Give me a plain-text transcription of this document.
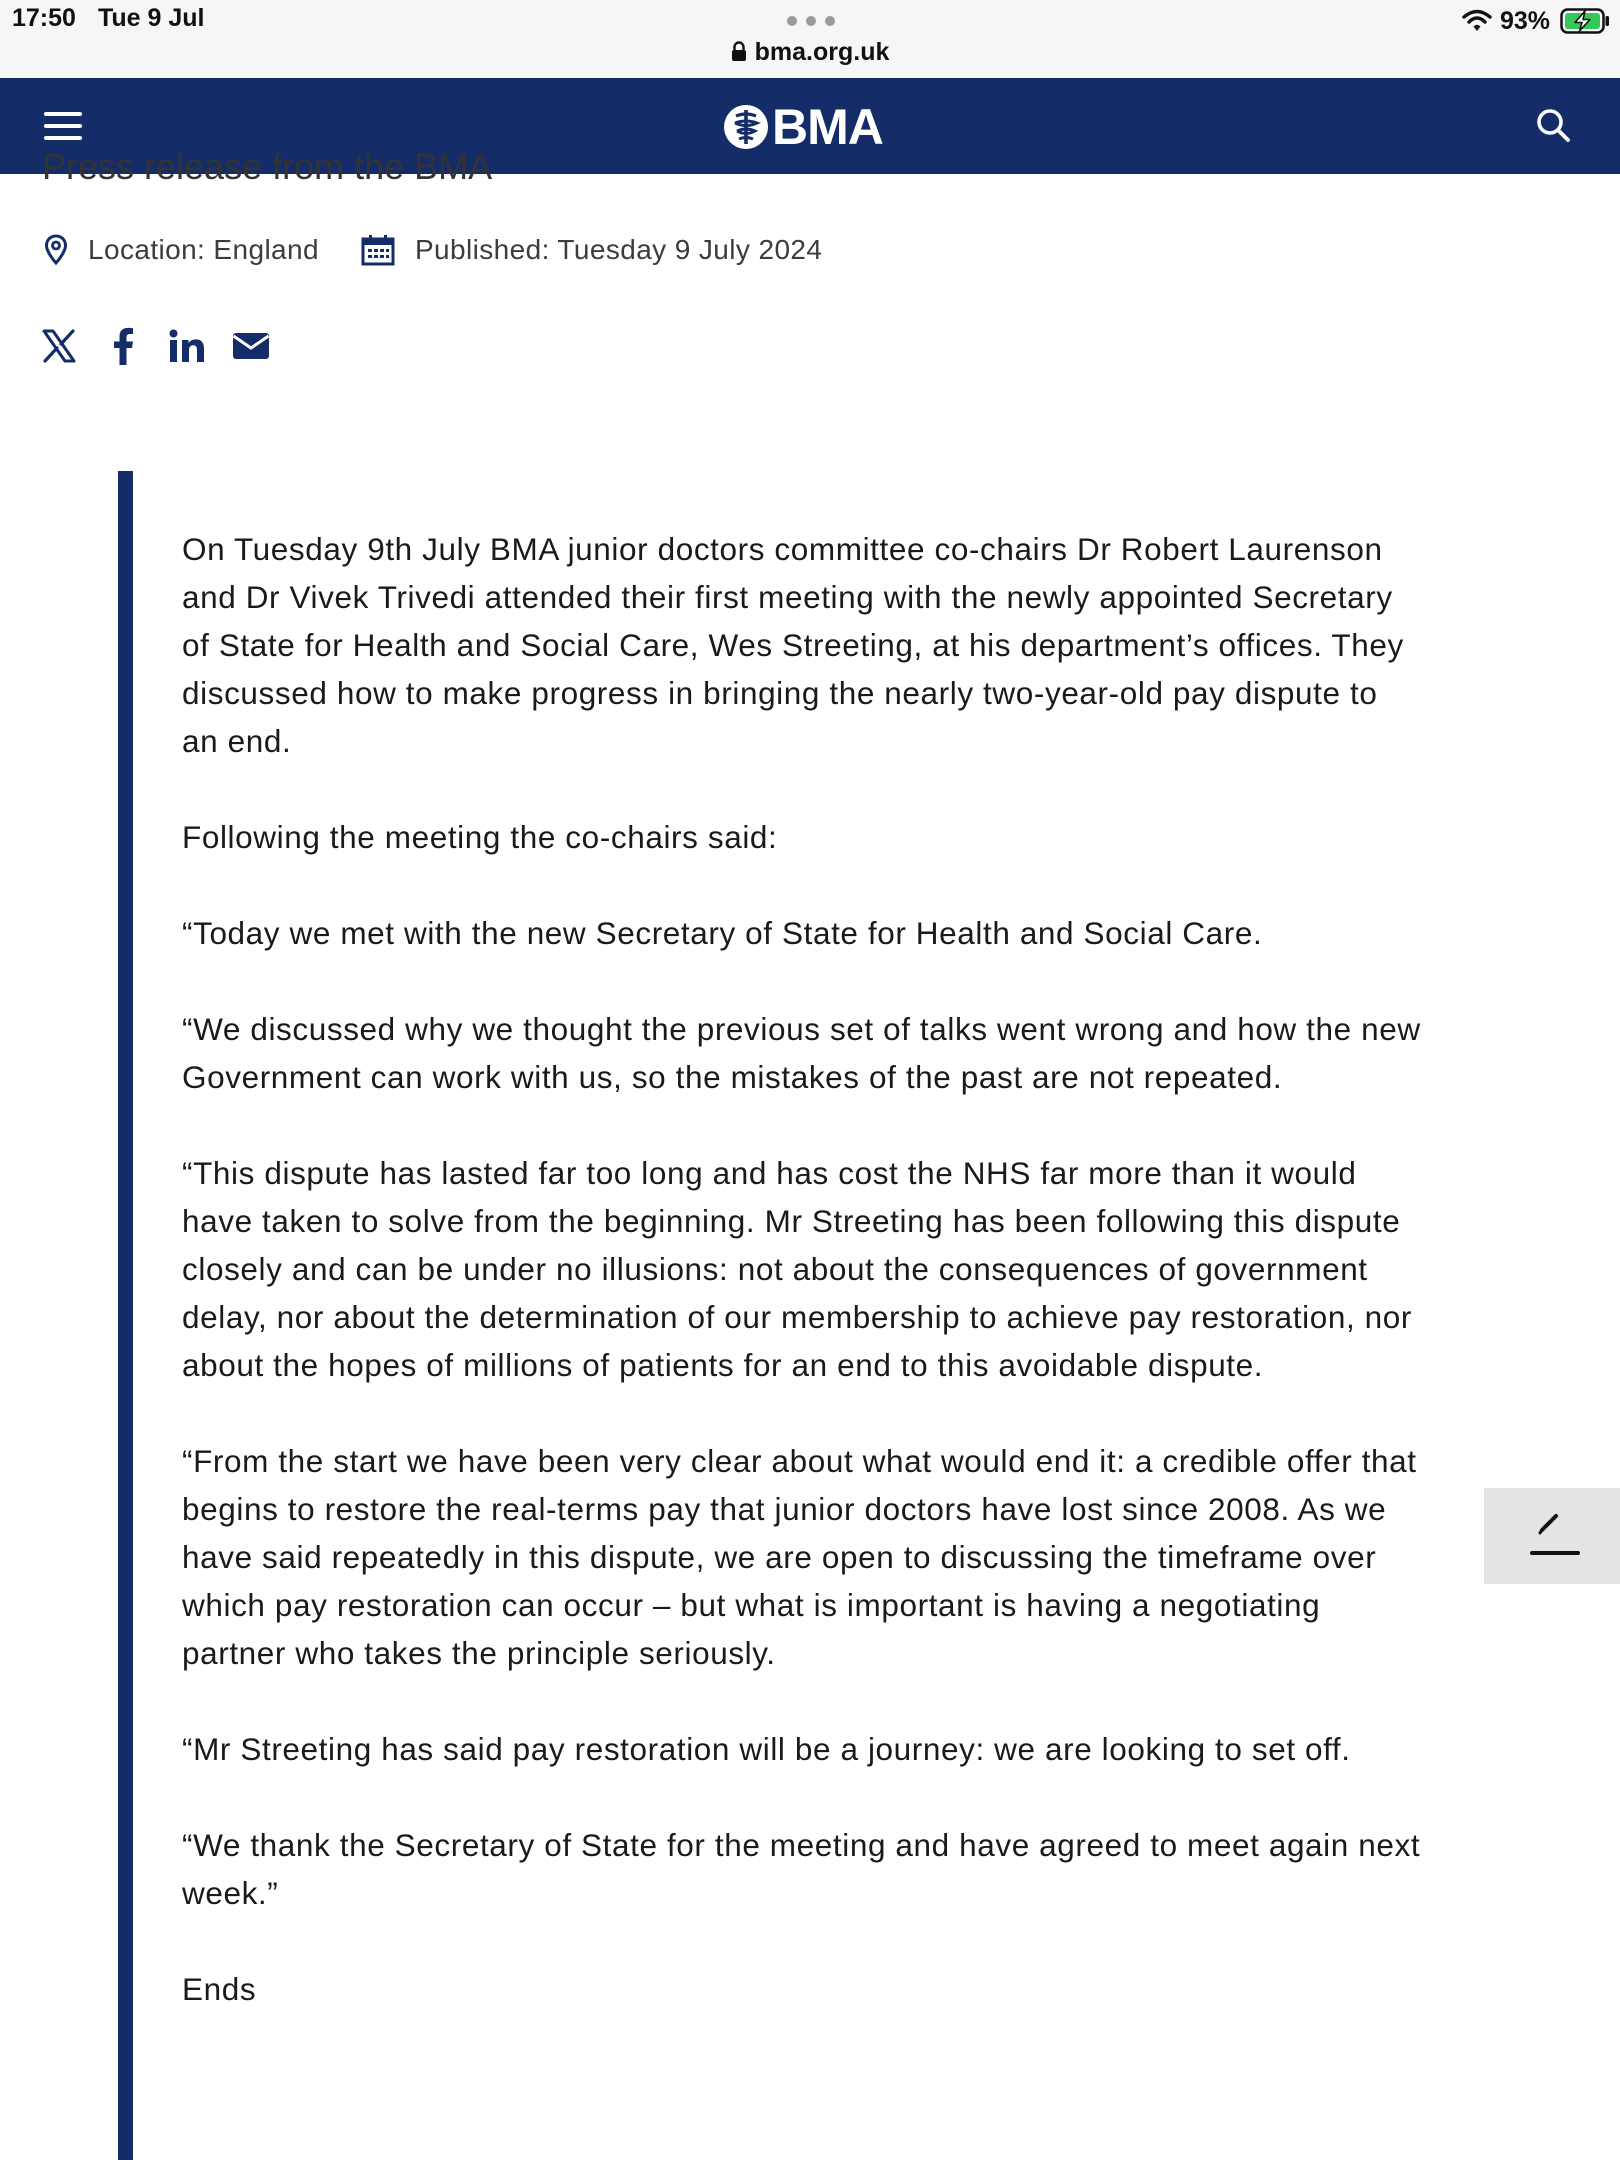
17:50 Tue 9 Jul
bma.org.uk
93%
BMA
Press release from the BMA
Location: England	Published: Tuesday 9 July 2024

On Tuesday 9th July BMA junior doctors committee co-chairs Dr Robert Laurenson and Dr Vivek Trivedi attended their first meeting with the newly appointed Secretary of State for Health and Social Care, Wes Streeting, at his department’s offices. They discussed how to make progress in bringing the nearly two-year-old pay dispute to an end.

Following the meeting the co-chairs said:

“Today we met with the new Secretary of State for Health and Social Care.

“We discussed why we thought the previous set of talks went wrong and how the new Government can work with us, so the mistakes of the past are not repeated.

“This dispute has lasted far too long and has cost the NHS far more than it would have taken to solve from the beginning. Mr Streeting has been following this dispute closely and can be under no illusions: not about the consequences of government delay, nor about the determination of our membership to achieve pay restoration, nor about the hopes of millions of patients for an end to this avoidable dispute.

“From the start we have been very clear about what would end it: a credible offer that begins to restore the real-terms pay that junior doctors have lost since 2008. As we have said repeatedly in this dispute, we are open to discussing the timeframe over which pay restoration can occur – but what is important is having a negotiating partner who takes the principle seriously.

“Mr Streeting has said pay restoration will be a journey: we are looking to set off.

“We thank the Secretary of State for the meeting and have agreed to meet again next week.”

Ends
